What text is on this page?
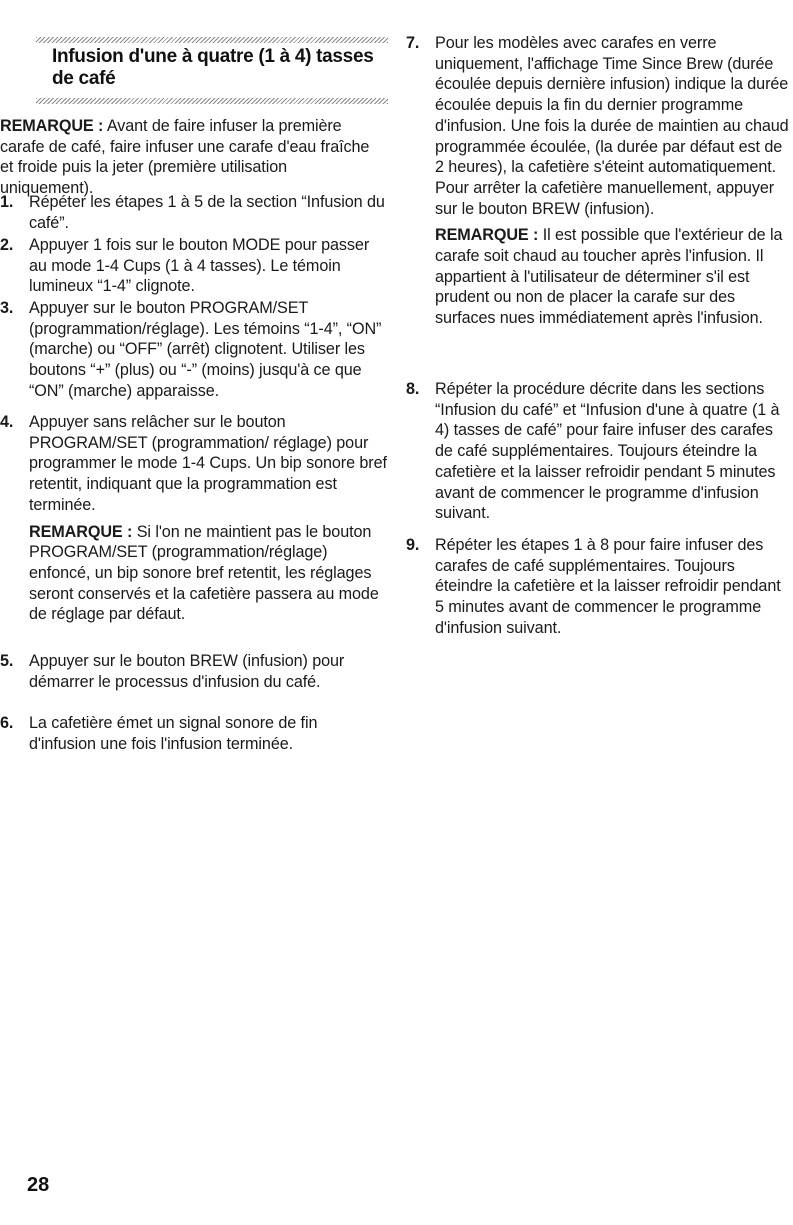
Infusion d'une à quatre (1 à 4) tasses de café
REMARQUE : Avant de faire infuser la première carafe de café, faire infuser une carafe d'eau fraîche et froide puis la jeter (première utilisation uniquement).
1. Répéter les étapes 1 à 5 de la section “Infusion du café”.
2. Appuyer 1 fois sur le bouton MODE pour passer au mode 1-4 Cups (1 à 4 tasses). Le témoin lumineux “1-4” clignote.
3. Appuyer sur le bouton PROGRAM/SET (programmation/réglage). Les témoins “1-4”, “ON” (marche) ou “OFF” (arrêt) clignotent. Utiliser les boutons “+” (plus) ou “-” (moins) jusqu'à ce que “ON” (marche) apparaisse.
4. Appuyer sans relâcher sur le bouton PROGRAM/SET (programmation/ réglage) pour programmer le mode 1-4 Cups. Un bip sonore bref retentit, indiquant que la programmation est terminée.
REMARQUE : Si l'on ne maintient pas le bouton PROGRAM/SET (programmation/réglage) enfoncé, un bip sonore bref retentit, les réglages seront conservés et la cafetière passera au mode de réglage par défaut.
5. Appuyer sur le bouton BREW (infusion) pour démarrer le processus d'infusion du café.
6. La cafetière émet un signal sonore de fin d'infusion une fois l'infusion terminée.
28
7. Pour les modèles avec carafes en verre uniquement, l'affichage Time Since Brew (durée écoulée depuis dernière infusion) indique la durée écoulée depuis la fin du dernier programme d'infusion. Une fois la durée de maintien au chaud programmée écoulée, (la durée par défaut est de 2 heures), la cafetière s'éteint automatiquement. Pour arrêter la cafetière manuellement, appuyer sur le bouton BREW (infusion).
REMARQUE : Il est possible que l'extérieur de la carafe soit chaud au toucher après l'infusion. Il appartient à l'utilisateur de déterminer s'il est prudent ou non de placer la carafe sur des surfaces nues immédiatement après l'infusion.
8. Répéter la procédure décrite dans les sections “Infusion du café” et “Infusion d'une à quatre (1 à 4) tasses de café” pour faire infuser des carafes de café supplémentaires. Toujours éteindre la cafetière et la laisser refroidir pendant 5 minutes avant de commencer le programme d'infusion suivant.
9. Répéter les étapes 1 à 8 pour faire infuser des carafes de café supplémentaires. Toujours éteindre la cafetière et la laisser refroidir pendant 5 minutes avant de commencer le programme d'infusion suivant.
